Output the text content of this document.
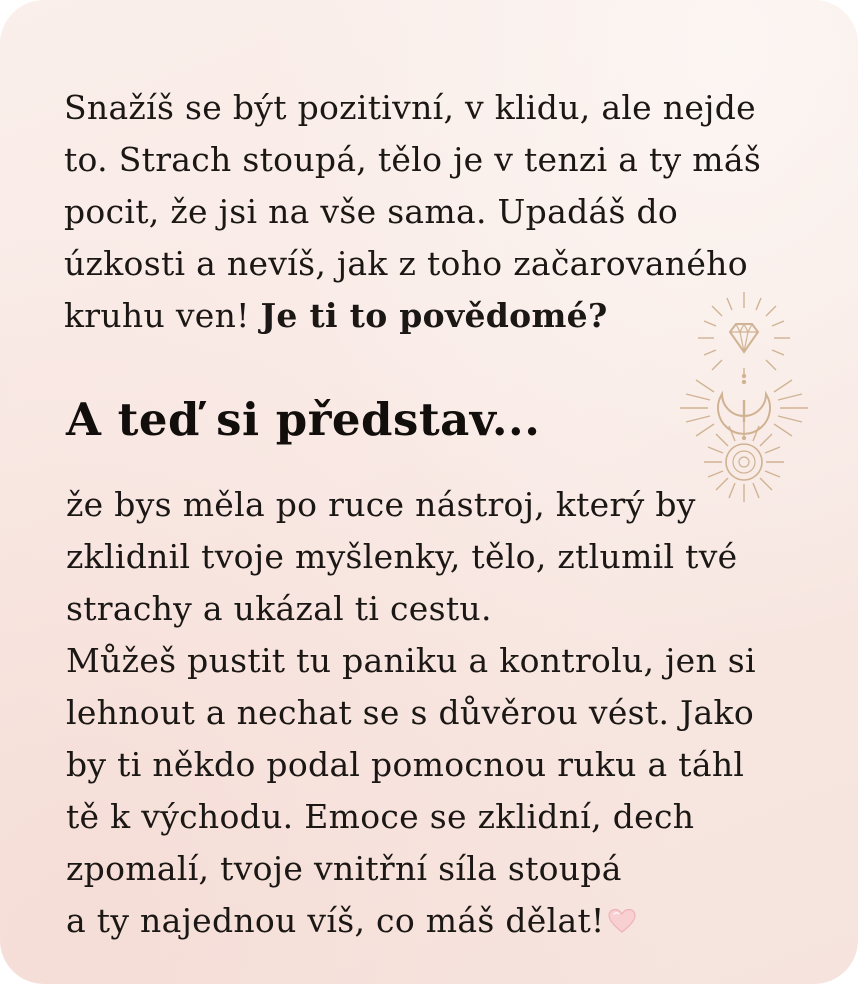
Snažíš se být pozitivní, v klidu, ale nejde
to. Strach stoupá, tělo je v tenzi a ty máš
pocit, že jsi na vše sama. Upadáš do
úzkosti a nevíš, jak z toho začarovaného
kruhu ven! Je ti to povědomé?

A teď si představ...

že bys měla po ruce nástroj, který by
zklidnil tvoje myšlenky, tělo, ztlumil tvé
strachy a ukázal ti cestu.
Můžeš pustit tu paniku a kontrolu, jen si
lehnout a nechat se s důvěrou vést. Jako
by ti někdo podal pomocnou ruku a táhl
tě k východu. Emoce se zklidní, dech
zpomalí, tvoje vnitřní síla stoupá
a ty najednou víš, co máš dělat!
